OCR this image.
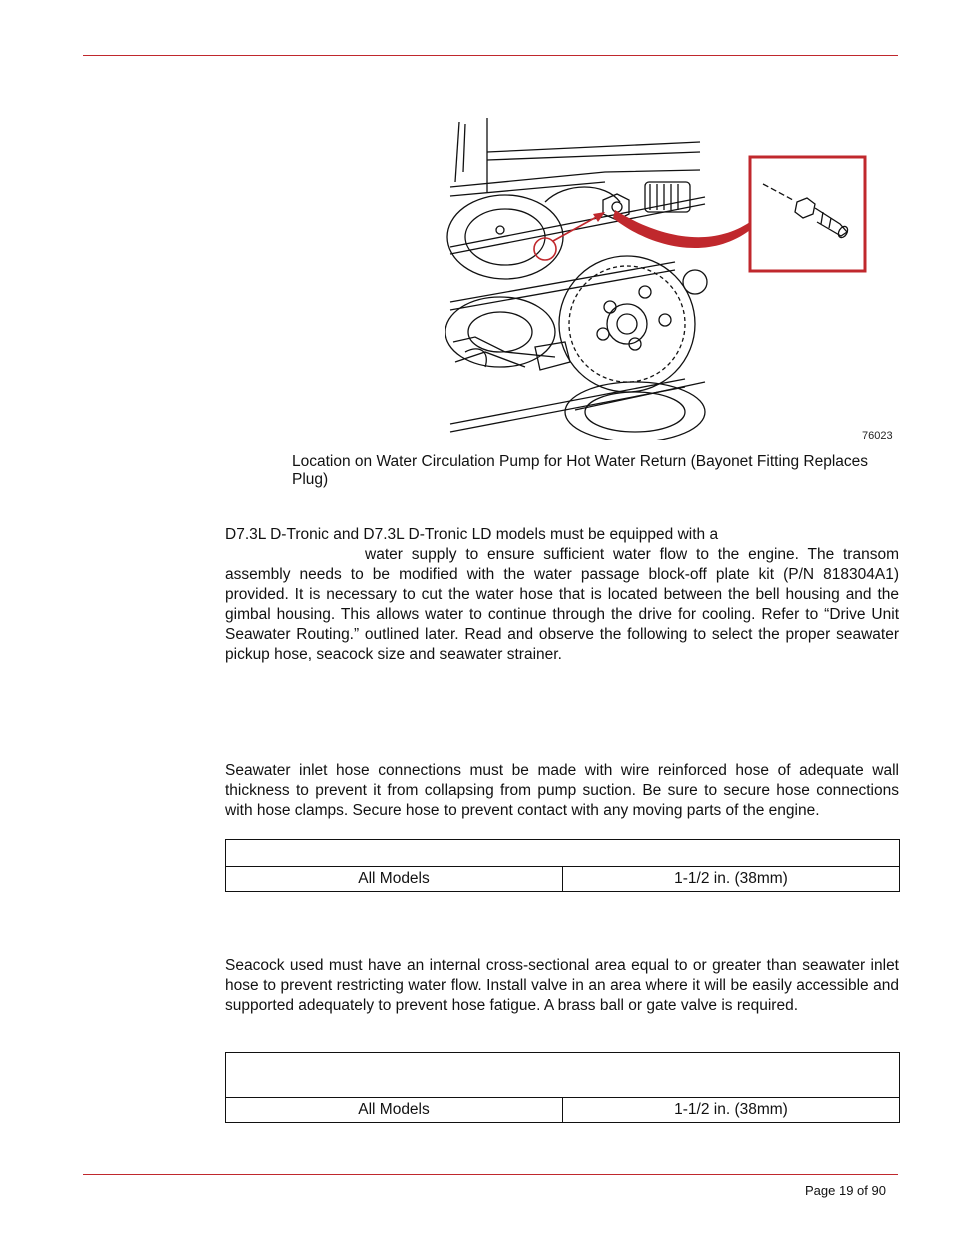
76023
Location on Water Circulation Pump for Hot Water Return (Bayonet Fitting Replaces Plug)
D7.3L D-Tronic and D7.3L D-Tronic LD models must be equipped with a
water supply to ensure sufficient water flow to the engine. The transom assembly needs to be modified with the water passage block-off plate kit (P/N 818304A1) provided. It is necessary to cut the water hose that is located between the bell housing and the gimbal housing. This allows water to continue through the drive for cooling. Refer to “Drive Unit Seawater Routing.” outlined later. Read and observe the following to select the proper seawater pickup hose, seacock size and seawater strainer.
Seawater inlet hose connections must be made with wire reinforced hose of adequate wall thickness to prevent it from collapsing from pump suction. Be sure to secure hose connections with hose clamps. Secure hose to prevent contact with any moving parts of the engine.

All Models	1-1/2 in. (38mm)
Seacock used must have an internal cross-sectional area equal to or greater than seawater inlet hose to prevent restricting water flow. Install valve in an area where it will be easily accessible and supported adequately to prevent hose fatigue. A brass ball or gate valve is required.

All Models	1-1/2 in. (38mm)
Page 19 of 90
